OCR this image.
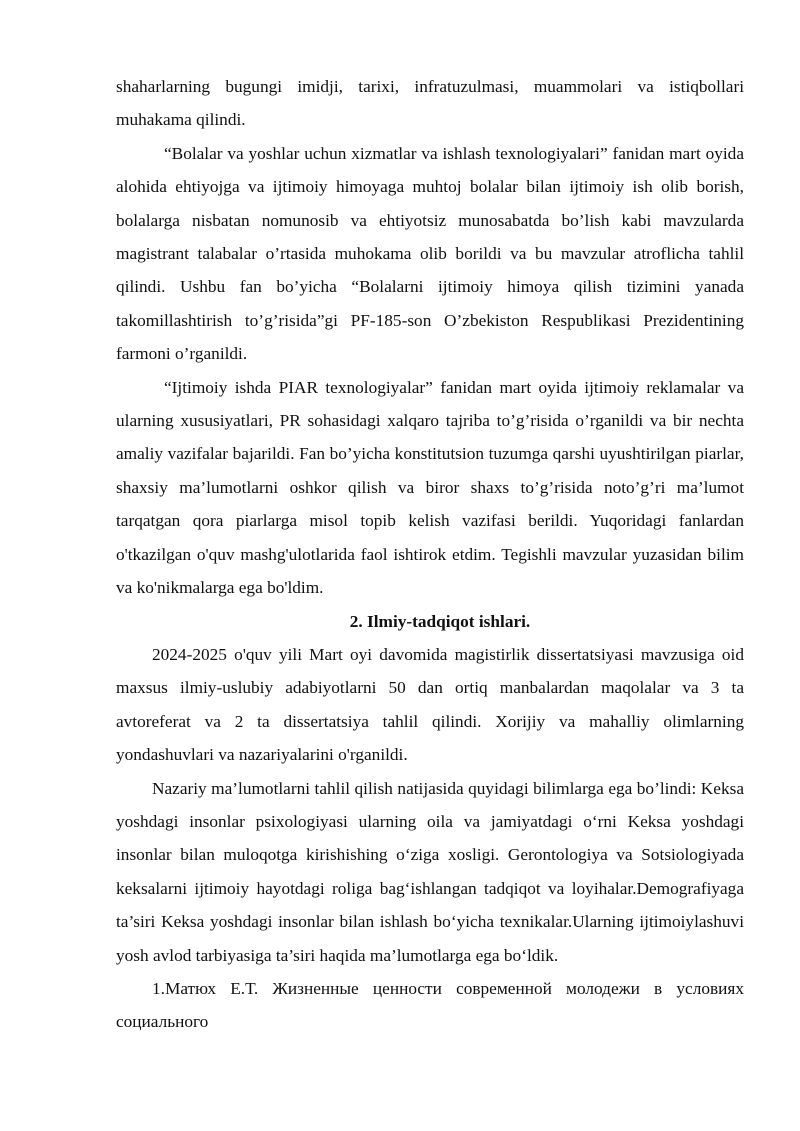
shaharlarning bugungi imidji, tarixi, infratuzulmasi, muammolari va istiqbollari muhakama qilindi.

“Bolalar va yoshlar uchun xizmatlar va ishlash texnologiyalari” fanidan mart oyida alohida ehtiyojga va ijtimoiy himoyaga muhtoj bolalar bilan ijtimoiy ish olib borish, bolalarga nisbatan nomunosib va ehtiyotsiz munosabatda bo’lish kabi mavzularda magistrant talabalar o’rtasida muhokama olib borildi va bu mavzular atroflicha tahlil qilindi. Ushbu fan bo’yicha “Bolalarni ijtimoiy himoya qilish tizimini yanada takomillashtirish to’g’risida”gi PF-185-son O’zbekiston Respublikasi Prezidentining farmoni o’rganildi.

“Ijtimoiy ishda PIAR texnologiyalar” fanidan mart oyida ijtimoiy reklamalar va ularning xususiyatlari, PR sohasidagi xalqaro tajriba to’g’risida o’rganildi va bir nechta amaliy vazifalar bajarildi. Fan bo’yicha konstitutsion tuzumga qarshi uyushtirilgan piarlar, shaxsiy ma’lumotlarni oshkor qilish va biror shaxs to’g’risida noto’g’ri ma’lumot tarqatgan qora piarlarga misol topib kelish vazifasi berildi. Yuqoridagi fanlardan o'tkazilgan o'quv mashg'ulotlarida faol ishtirok etdim. Tegishli mavzular yuzasidan bilim va ko'nikmalarga ega bo'ldim.

2. Ilmiy-tadqiqot ishlari.

2024-2025 o'quv yili Mart oyi davomida magistirlik dissertatsiyasi mavzusiga oid maxsus ilmiy-uslubiy adabiyotlarni 50 dan ortiq manbalardan maqolalar va 3 ta avtoreferat va 2 ta dissertatsiya tahlil qilindi. Xorijiy va mahalliy olimlarning yondashuvlari va nazariyalarini o'rganildi.

Nazariy ma’lumotlarni tahlil qilish natijasida quyidagi bilimlarga ega bo’lindi: Keksa yoshdagi insonlar psixologiyasi ularning oila va jamiyatdagi o‘rni Keksa yoshdagi insonlar bilan muloqotga kirishishing o‘ziga xosligi. Gerontologiya va Sotsiologiyada keksalarni ijtimoiy hayotdagi roliga bag‘ishlangan tadqiqot va loyihalar.Demografiyaga ta’siri Keksa yoshdagi insonlar bilan ishlash bo‘yicha texnikalar.Ularning ijtimoiylashuvi yosh avlod tarbiyasiga ta’siri haqida ma’lumotlarga ega bo‘ldik.

1.Матюх Е.Т. Жизненные ценности современной молодежи в условиях социального
